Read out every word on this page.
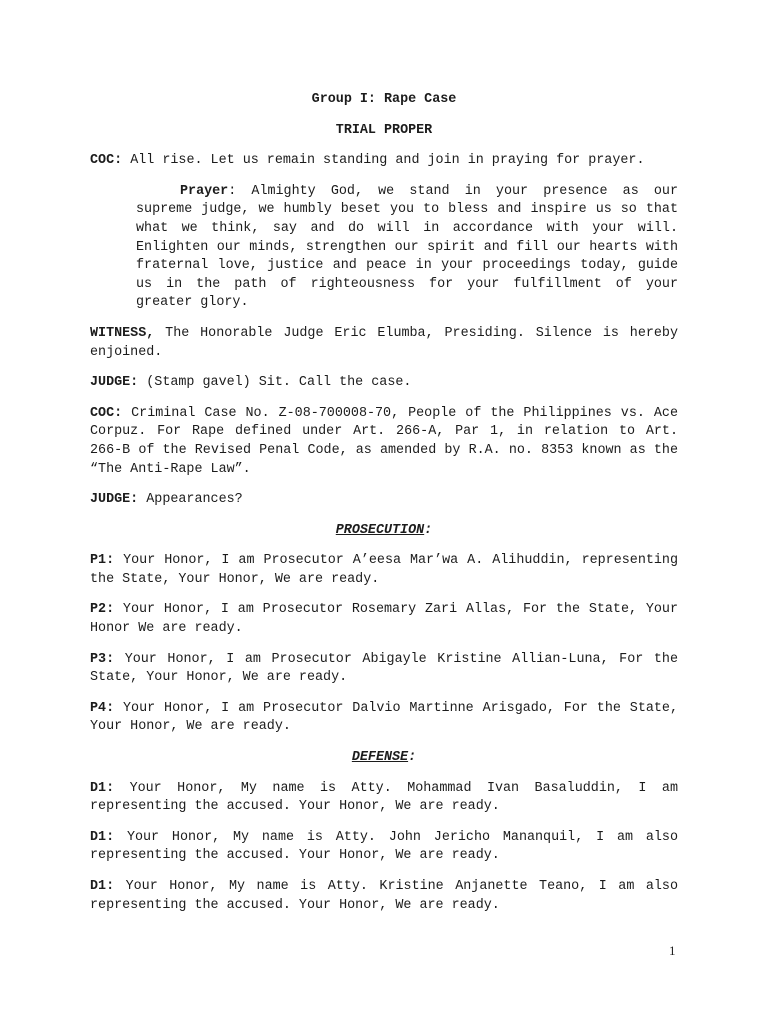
Group I: Rape Case
TRIAL PROPER

COC: All rise. Let us remain standing and join in praying for prayer.

Prayer: Almighty God, we stand in your presence as our supreme judge, we humbly beset you to bless and inspire us so that what we think, say and do will in accordance with your will. Enlighten our minds, strengthen our spirit and fill our hearts with fraternal love, justice and peace in your proceedings today, guide us in the path of righteousness for your fulfillment of your greater glory.

WITNESS, The Honorable Judge Eric Elumba, Presiding. Silence is hereby enjoined.

JUDGE: (Stamp gavel) Sit. Call the case.

COC: Criminal Case No. Z-08-700008-70, People of the Philippines vs. Ace Corpuz. For Rape defined under Art. 266-A, Par 1, in relation to Art. 266-B of the Revised Penal Code, as amended by R.A. no. 8353 known as the “The Anti-Rape Law”.

JUDGE: Appearances?

PROSECUTION:

P1: Your Honor, I am Prosecutor A’eesa Mar’wa A. Alihuddin, representing the State, Your Honor, We are ready.

P2: Your Honor, I am Prosecutor Rosemary Zari Allas, For the State, Your Honor We are ready.

P3: Your Honor, I am Prosecutor Abigayle Kristine Allian-Luna, For the State, Your Honor, We are ready.

P4: Your Honor, I am Prosecutor Dalvio Martinne Arisgado, For the State, Your Honor, We are ready.

DEFENSE:

D1: Your Honor, My name is Atty. Mohammad Ivan Basaluddin, I am representing the accused. Your Honor, We are ready.

D1: Your Honor, My name is Atty. John Jericho Mananquil, I am also representing the accused. Your Honor, We are ready.

D1: Your Honor, My name is Atty. Kristine Anjanette Teano, I am also representing the accused. Your Honor, We are ready.

1
